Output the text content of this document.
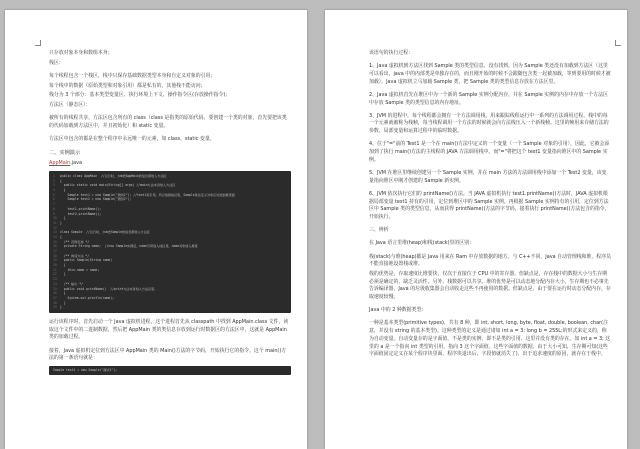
只存放对象本身和数组本身；
栈区：
每个线程包含一个栈区，栈中只保存基础数据类型本身和自定义对象的引用；
每个栈中的数据（原始类型和对象引用）都是私有的，其他栈不能访问；
栈分为 3 个部分：基本类型变量区、执行环境上下文、操作指令区(存放操作指令)；
方法区（静态区）：
被所有的线程共享，方法区包含所有的 class（class 是指类的原始代码，要创建一个类的对象，首先要把该类的代码加载到方法区中，并且初始化）和 static 变量。
方法区中包含的都是在整个程序中永远唯一的元素，如 class、static 变量。
二、实例演示
AppMain.java
1 public class AppMain  //运行时，jvm把AppMain的信息都放入方法区
2 {
3  public static void main(String[] args) //main方法本身放入方法区
4  {
5    Sample test1 = new Sample("测试1"); //test1是引用，所以放到栈区里，Sample是自定义对象应该放到堆里面
6    Sample test2 = new Sample("测试2");
7
8    test1.printName();
9    test2.printName();
10  }
11 }
12
13 class Sample  //运行时，jvm把Sample的信息都放入方法区
14 {
15  /** 范例名称 */
16  private String name;  //new Sample实例后，name引用放入栈区里，name对象放入堆里
17
18  /** 构造方法 */
19  public Sample(String name)
20  {
21    this.name = name;
22  }
23
24  /** 输出 */
25  public void printName()  //print方法本身放入方法区里。
26  {
27    System.out.println(name);
28  }
29 }
运行该程序时，首先启动一个 Java 虚拟机进程，这个进程首先从 classpath 中找到 AppMain.class 文件，读取这个文件中的二进制数据，然后把 AppMain 类的类信息存放到运行时数据区的方法区中，这就是 AppMain 类的加载过程。
接着，Java 虚拟机定位到方法区中 AppMain 类的 Main()方法的字节码，开始执行它的指令。这个 main()方法的第一条语句就是：
Sample test1 = new Sample("测试1");
该语句的执行过程：
1、Java 虚拟机到方法区找到 Sample 类的类型信息，没有找到，因为 Sample 类还没有加载到方法区（这里可以看出，java 中的内部类是单独存在的，而且刚开始的时候不会跟随包含类一起被加载，等到要用的时候才被加载）。Java 虚拟机立马加载 Sample 类，把 Sample 类的类型信息存放在方法区里。
2、Java 虚拟机首先在堆区中为一个新的 Sample 实例分配内存，并在 Sample 实例的内存中存放一个方法区中存放 Sample 类的类型信息的内存地址。
3、JVM 的进程中，每个线程都会拥有一个方法调用栈，用来跟踪线程运行中一系列的方法调用过程，栈中的每一个元素就被称为栈帧，每当线程调用一个方法的时候就会向方法栈压入一个新栈帧。这里的帧用来存储方法的参数、局部变量和运算过程中的临时数据。
4、位于"="前的 Test1 是一个在 main()方法中定义的一个变量（一个 Sample 对象的引用），因此，它被会添加到了执行 main()方法的主线程的 JAVA 方法调用栈中。而"="将把这个 test1 变量指向堆区中的 Sample 实例。
5、JVM 在堆区里继续创建另一个 Sample 实例，并在 main 方法的方法调用栈中添加一个 Test2 变量，该变量指向堆区中刚才创建的 Sample 新实例。
6、JVM 依次执行它们的 printName()方法。当 JAVA 虚拟机执行 test1.printName()方法时，JAVA 虚拟机根据局部变量 test1 持有的引用，定位到堆区中的 Sample 实例，再根据 Sample 实例持有的引用，定位到方法区中 Sample 类的类型信息，从而获得 printName()方法的字节码，接着执行 printName()方法包含的指令，开始执行。
三、辨析
在 Java 语言里堆(heap)和栈(stack)里的区别：
栈(stack)与堆(heap)都是 Java 用来在 Ram 中存放数据的地方。与 C++不同，Java 自动管理栈和堆，程序员不能直接地设置栈或堆。
栈的优势是，存取速度比堆要快，仅次于直接位于 CPU 中的寄存器。但缺点是，存在栈中的数据大小与生存期必须是确定的，缺乏灵活性。另外，栈数据可以共享。堆的优势是可以动态地分配内存大小，生存期也不必事先告诉编译器，Java 的垃圾收集器会自动收走这些不再使用的数据。但缺点是，由于要在运行时动态分配内存，存取速度较慢。
Java 中的 2 种数据类型：
一种是基本类型(primitive types)，共有 8 种，即 int, short, long, byte, float, double, boolean, char(注意，并没有 string 的基本类型)。这种类型的定义是通过诸如 int a = 3; long b = 255L;的形式来定义的，称为自动变量。自动变量存的是字面值，不是类的实例，即不是类的引用，这里并没有类的存在。如 int a = 3; 这里的 a 是一个指向 int 类型的引用，指向 3 这个字面值。这些字面值的数据，由于大小可知，生存期可知(这些字面值固定定义在某个程序块里面，程序块退出后，字段值就消失了)，出于追求速度的原因，就存在于栈中。
